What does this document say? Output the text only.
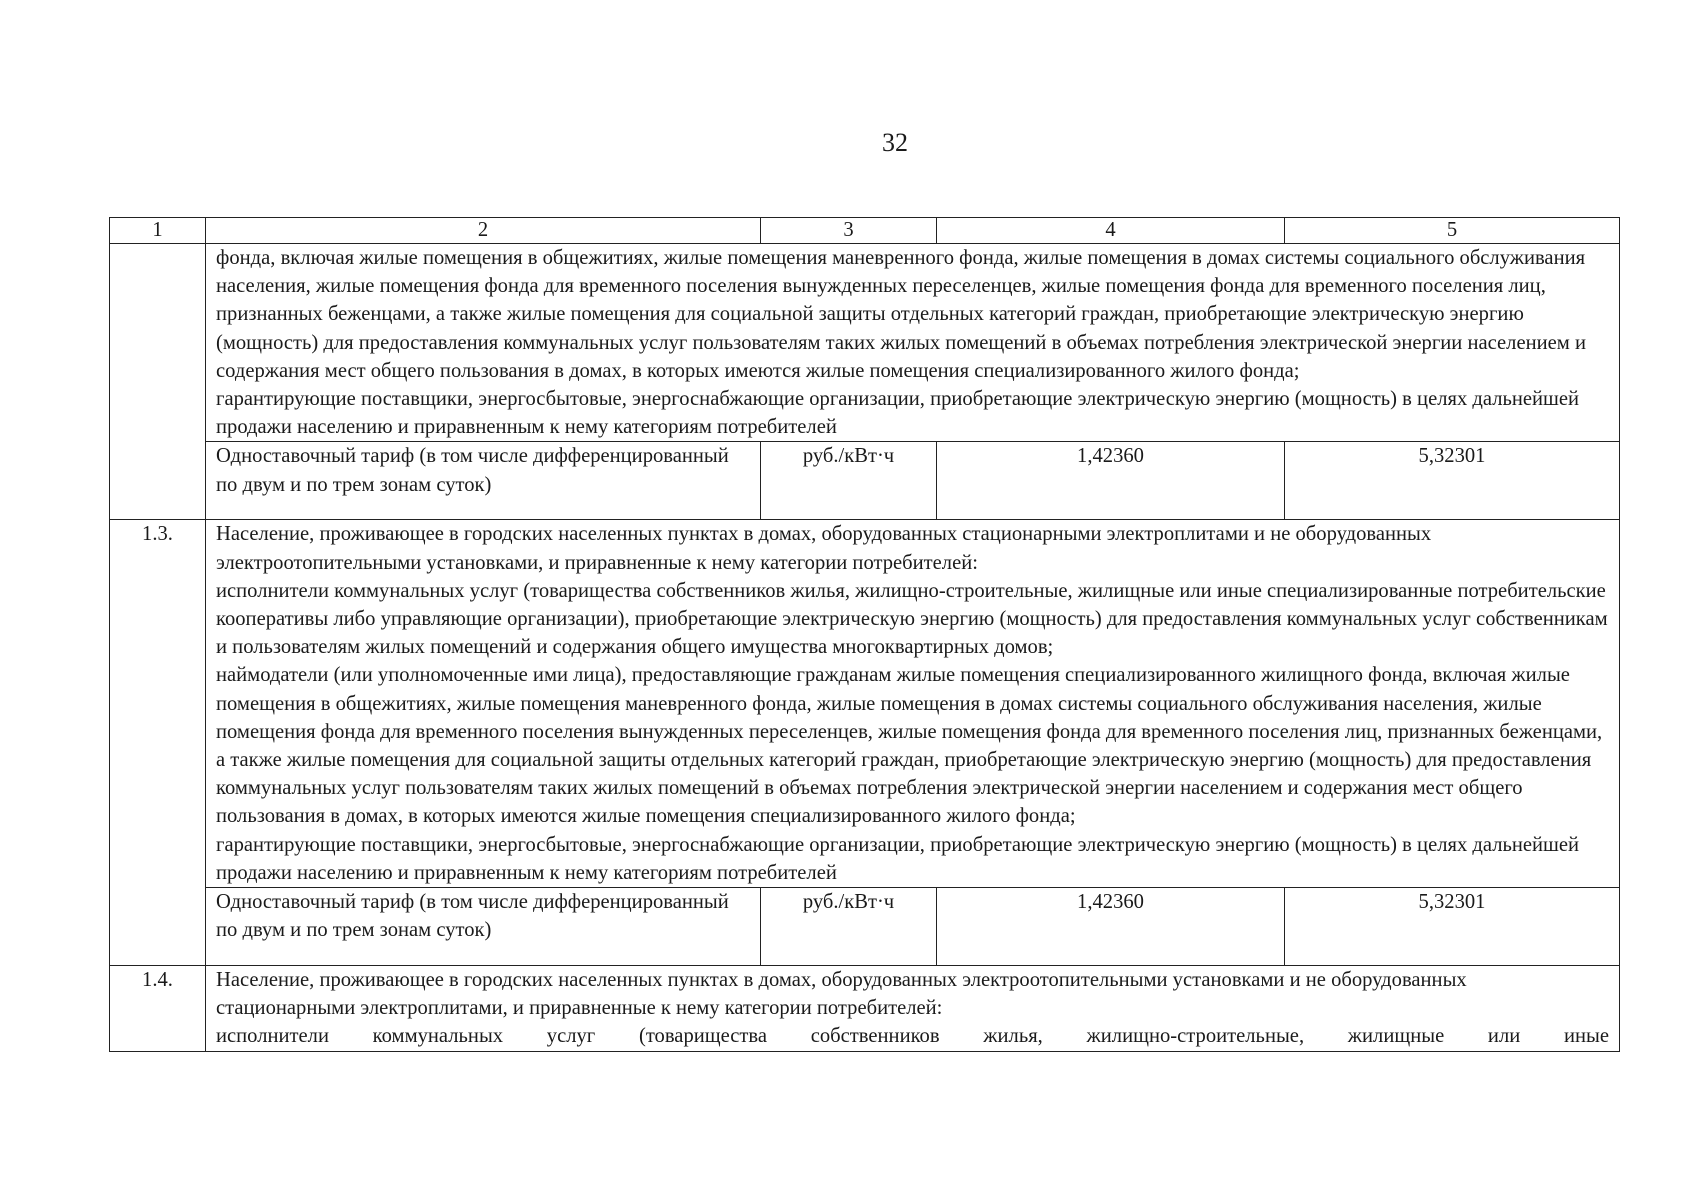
32
1	2	3	4	5

	фонда, включая жилые помещения в общежитиях, жилые помещения маневренного фонда, жилые помещения в домах системы социального обслуживания населения, жилые помещения фонда для временного поселения вынужденных переселенцев, жилые помещения фонда для временного поселения лиц, признанных беженцами, а также жилые помещения для социальной защиты отдельных категорий граждан, приобретающие электрическую энергию (мощность) для предоставления коммунальных услуг пользователям таких жилых помещений в объемах потребления электрической энергии населением и содержания мест общего пользования в домах, в которых имеются жилые помещения специализированного жилого фонда;

гарантирующие поставщики, энергосбытовые, энергоснабжающие организации, приобретающие электрическую энергию (мощность) в целях дальнейшей продажи населению и приравненным к нему категориям потребителей			

	Одноставочный тариф (в том числе дифференцированный по двум и по трем зонам суток)	руб./кВт·ч	1,42360	5,32301
1.3.	Население, проживающее в городских населенных пунктах в домах, оборудованных стационарными электроплитами и не оборудованных электроотопительными установками, и приравненные к нему категории потребителей:

исполнители коммунальных услуг (товарищества собственников жилья, жилищно-строительные, жилищные или иные специализированные потребительские кооперативы либо управляющие организации), приобретающие электрическую энергию (мощность) для предоставления коммунальных услуг собственникам и пользователям жилых помещений и содержания общего имущества многоквартирных домов;

наймодатели (или уполномоченные ими лица), предоставляющие гражданам жилые помещения специализированного жилищного фонда, включая жилые помещения в общежитиях, жилые помещения маневренного фонда, жилые помещения в домах системы социального обслуживания населения, жилые помещения фонда для временного поселения вынужденных переселенцев, жилые помещения фонда для временного поселения лиц, признанных беженцами, а также жилые помещения для социальной защиты отдельных категорий граждан, приобретающие электрическую энергию (мощность) для предоставления коммунальных услуг пользователям таких жилых помещений в объемах потребления электрической энергии населением и содержания мест общего пользования в домах, в которых имеются жилые помещения специализированного жилого фонда;

гарантирующие поставщики, энергосбытовые, энергоснабжающие организации, приобретающие электрическую энергию (мощность) в целях дальнейшей продажи населению и приравненным к нему категориям потребителей			

	Одноставочный тариф (в том числе дифференцированный по двум и по трем зонам суток)	руб./кВт·ч	1,42360	5,32301
1.4.	Население, проживающее в городских населенных пунктах в домах, оборудованных электроотопительными установками и не оборудованных стационарными электроплитами, и приравненные к нему категории потребителей:

исполнители коммунальных услуг (товарищества собственников жилья, жилищно-строительные, жилищные или иные			
